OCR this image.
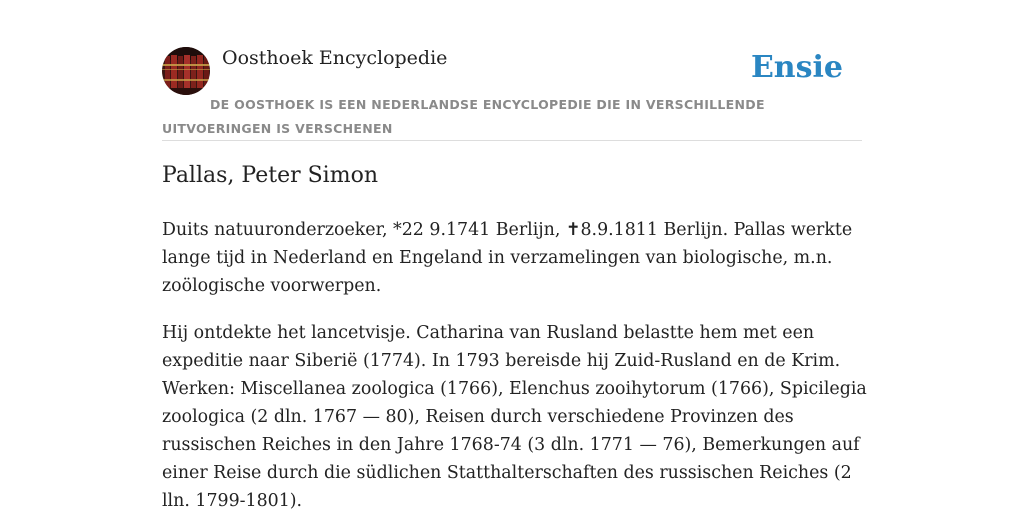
Oosthoek Encyclopedie	Ensie
DE OOSTHOEK IS EEN NEDERLANDSE ENCYCLOPEDIE DIE IN VERSCHILLENDE UITVOERINGEN IS VERSCHENEN
Pallas, Peter Simon

Duits natuuronderzoeker, *22 9.1741 Berlijn, ✝8.9.1811 Berlijn. Pallas werkte lange tijd in Nederland en Engeland in verzamelingen van biologische, m.n. zoölogische voorwerpen.

Hij ontdekte het lancetvisje. Catharina van Rusland belastte hem met een expeditie naar Siberië (1774). In 1793 bereisde hij Zuid-Rusland en de Krim. Werken: Miscellanea zoologica (1766), Elenchus zooihytorum (1766), Spicilegia zoologica (2 dln. 1767 — 80), Reisen durch verschiedene Provinzen des russischen Reiches in den Jahre 1768-74 (3 dln. 1771 — 76), Bemerkungen auf einer Reise durch die südlichen Statthalterschaften des russischen Reiches (2 lln. 1799-1801).
